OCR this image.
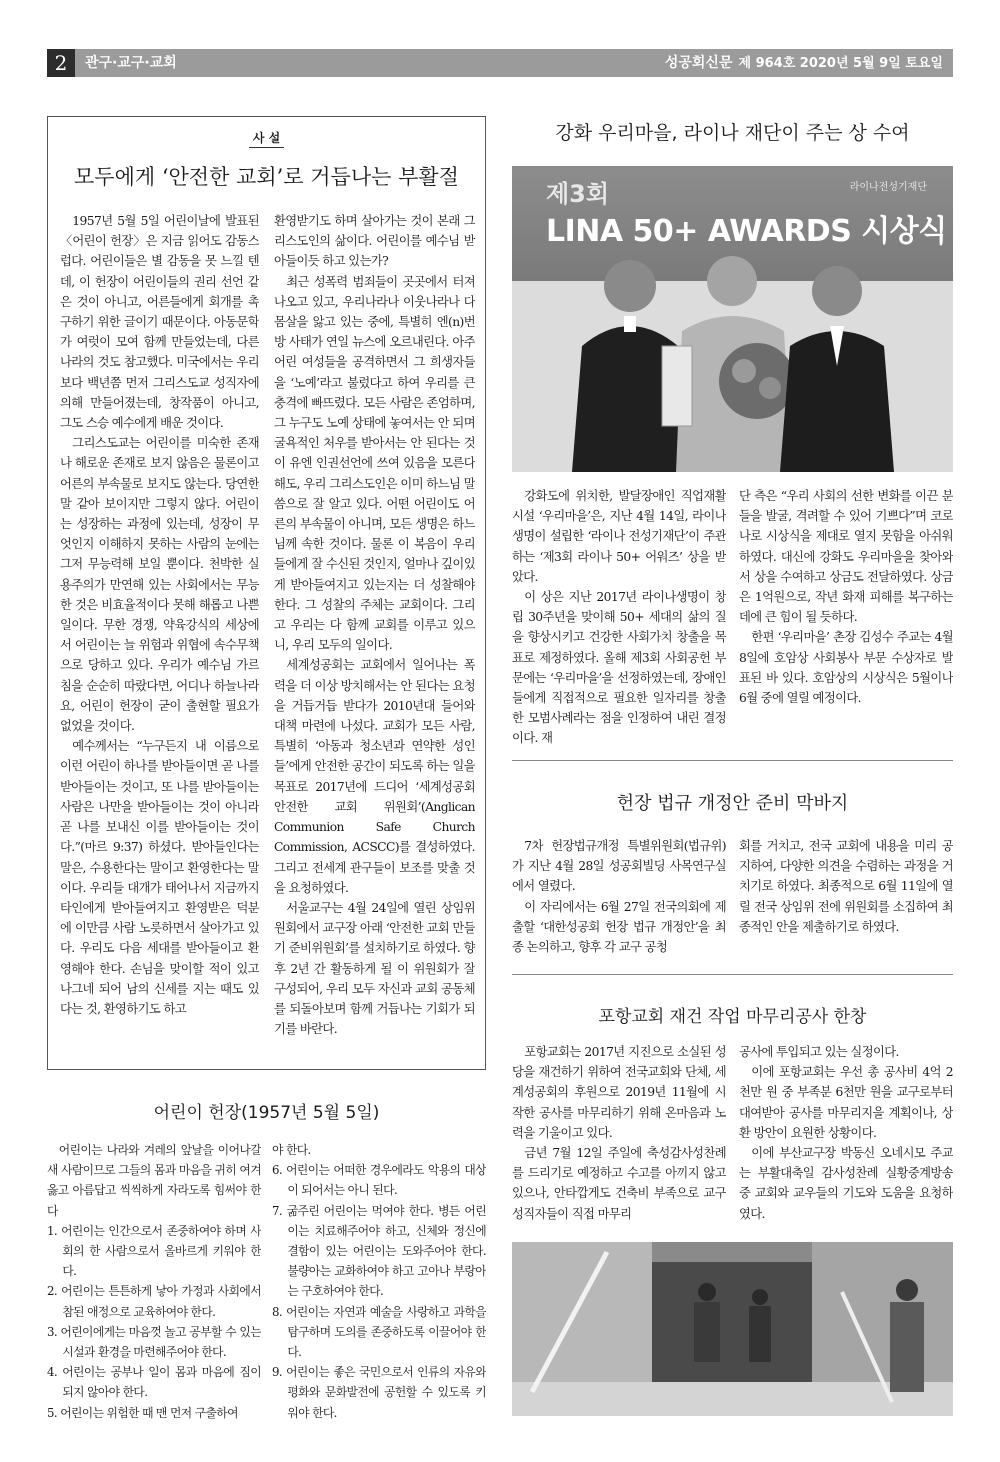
2	관구·교구·교회	성공회신문 제 964호 2020년 5월 9일 토요일
사 설
모두에게 ‘안전한 교회’로 거듭나는 부활절

1957년 5월 5일 어린이날에 발표된 〈어린이 헌장〉은 지금 읽어도 감동스럽다. 어린이들은 별 감동을 못 느낄 텐데, 이 헌장이 어린이들의 권리 선언 같은 것이 아니고, 어른들에게 회개를 촉구하기 위한 글이기 때문이다. 아동문학가 여럿이 모여 함께 만들었는데, 다른 나라의 것도 참고했다. 미국에서는 우리보다 백년쯤 먼저 그리스도교 성직자에 의해 만들어졌는데, 창작품이 아니고, 그도 스승 예수에게 배운 것이다.

그리스도교는 어린이를 미숙한 존재나 해로운 존재로 보지 않음은 물론이고 어른의 부속물로 보지도 않는다. 당연한 말 같아 보이지만 그렇지 않다. 어린이는 성장하는 과정에 있는데, 성장이 무엇인지 이해하지 못하는 사람의 눈에는 그저 무능력해 보일 뿐이다. 천박한 실용주의가 만연해 있는 사회에서는 무능한 것은 비효율적이다 못해 해롭고 나쁜 일이다. 무한 경쟁, 약육강식의 세상에서 어린이는 늘 위험과 위협에 속수무책으로 당하고 있다. 우리가 예수님 가르침을 순순히 따랐다면, 어디나 하늘나라요, 어린이 헌장이 굳이 출현할 필요가 없었을 것이다.

예수께서는 “누구든지 내 이름으로 이런 어린이 하나를 받아들이면 곧 나를 받아들이는 것이고, 또 나를 받아들이는 사람은 나만을 받아들이는 것이 아니라 곧 나를 보내신 이를 받아들이는 것이다.”(마르 9:37) 하셨다. 받아들인다는 말은, 수용한다는 말이고 환영한다는 말이다. 우리들 대개가 태어나서 지금까지 타인에게 받아들여지고 환영받은 덕분에 이만큼 사람 노릇하면서 살아가고 있다. 우리도 다음 세대를 받아들이고 환영해야 한다. 손님을 맞이할 적이 있고 나그네 되어 남의 신세를 지는 때도 있다는 것, 환영하기도 하고

환영받기도 하며 살아가는 것이 본래 그리스도인의 삶이다. 어린이를 예수님 받아들이듯 하고 있는가?

최근 성폭력 범죄들이 곳곳에서 터져 나오고 있고, 우리나라나 이웃나라나 다 몸살을 앓고 있는 중에, 특별히 엔(n)번방 사태가 연일 뉴스에 오르내린다. 아주 어린 여성들을 공격하면서 그 희생자들을 ‘노예’라고 불렀다고 하여 우리를 큰 충격에 빠뜨렸다. 모든 사람은 존엄하며, 그 누구도 노예 상태에 놓여서는 안 되며 굴욕적인 처우를 받아서는 안 된다는 것이 유엔 인권선언에 쓰여 있음을 모른다 해도, 우리 그리스도인은 이미 하느님 말씀으로 잘 알고 있다. 어떤 어린이도 어른의 부속물이 아니며, 모든 생명은 하느님께 속한 것이다. 물론 이 복음이 우리들에게 잘 수신된 것인지, 얼마나 깊이있게 받아들여지고 있는지는 더 성찰해야 한다. 그 성찰의 주체는 교회이다. 그리고 우리는 다 함께 교회를 이루고 있으니, 우리 모두의 일이다.

세계성공회는 교회에서 일어나는 폭력을 더 이상 방치해서는 안 된다는 요청을 거듭거듭 받다가 2010년대 들어와 대책 마련에 나섰다. 교회가 모든 사람, 특별히 ‘아동과 청소년과 연약한 성인들’에게 안전한 공간이 되도록 하는 일을 목표로 2017년에 드디어 ‘세계성공회 안전한 교회 위원회’(Anglican Communion Safe Church Commission, ACSCC)를 결성하였다. 그리고 전세계 관구들이 보조를 맞출 것을 요청하였다.

서울교구는 4월 24일에 열린 상임위원회에서 교구장 아래 ‘안전한 교회 만들기 준비위원회’를 설치하기로 하였다. 향후 2년 간 활동하게 될 이 위원회가 잘 구성되어, 우리 모두 자신과 교회 공동체를 되돌아보며 함께 거듭나는 기회가 되기를 바란다.

어린이 헌장(1957년 5월 5일)

어린이는 나라와 겨레의 앞날을 이어나갈 새 사람이므로 그들의 몸과 마음을 귀히 여겨 옳고 아름답고 씩씩하게 자라도록 힘써야 한다

1. 어린이는 인간으로서 존중하여야 하며 사회의 한 사람으로서 올바르게 키워야 한다.
2. 어린이는 튼튼하게 낳아 가정과 사회에서 참된 애정으로 교육하여야 한다.
3. 어린이에게는 마음껏 놀고 공부할 수 있는 시설과 환경을 마련해주어야 한다.
4. 어린이는 공부나 일이 몸과 마음에 짐이 되지 않아야 한다.
5. 어린이는 위험한 때 맨 먼저 구출하여
야 한다.
6. 어린이는 어떠한 경우에라도 악용의 대상이 되어서는 아니 된다.
7. 굶주린 어린이는 먹여야 한다. 병든 어린이는 치료해주어야 하고, 신체와 정신에 결함이 있는 어린이는 도와주어야 한다. 불량아는 교화하여야 하고 고아나 부랑아는 구호하여야 한다.
8. 어린이는 자연과 예술을 사랑하고 과학을 탐구하며 도의를 존중하도록 이끌어야 한다.
9. 어린이는 좋은 국민으로서 인류의 자유와 평화와 문화발전에 공헌할 수 있도록 키워야 한다.
강화 우리마을, 라이나 재단이 주는 상 수여
제3회
LINA 50+ AWARDS 시상식
라이나전성기재단

강화도에 위치한, 발달장애인 직업재활시설 ‘우리마을’은, 지난 4월 14일, 라이나생명이 설립한 ‘라이나 전성기재단’이 주관하는 ‘제3회 라이나 50+ 어워즈’ 상을 받았다.

이 상은 지난 2017년 라이나생명이 창립 30주년을 맞이해 50+ 세대의 삶의 질을 향상시키고 건강한 사회가치 창출을 목표로 제정하였다. 올해 제3회 사회공헌 부문에는 ‘우리마을’을 선정하였는데, 장애인들에게 직접적으로 필요한 일자리를 창출한 모범사례라는 점을 인정하여 내린 결정이다. 재

단 측은 “우리 사회의 선한 변화를 이끈 분들을 발굴, 격려할 수 있어 기쁘다”며 코로나로 시상식을 제대로 열지 못함을 아쉬워하였다. 대신에 강화도 우리마을을 찾아와서 상을 수여하고 상금도 전달하였다. 상금은 1억원으로, 작년 화재 피해를 복구하는 데에 큰 힘이 될 듯하다.

한편 ‘우리마을’ 촌장 김성수 주교는 4월 8일에 호암상 사회봉사 부문 수상자로 발표된 바 있다. 호암상의 시상식은 5월이나 6월 중에 열릴 예정이다.

헌장 법규 개정안 준비 막바지

7차 헌장법규개정 특별위원회(법규위)가 지난 4월 28일 성공회빌딩 사목연구실에서 열렸다.

이 자리에서는 6월 27일 전국의회에 제출할 ‘대한성공회 헌장 법규 개정안’을 최종 논의하고, 향후 각 교구 공청

회를 거치고, 전국 교회에 내용을 미리 공지하여, 다양한 의견을 수렴하는 과정을 거치기로 하였다. 최종적으로 6월 11일에 열릴 전국 상임위 전에 위원회를 소집하여 최종적인 안을 제출하기로 하였다.

포항교회 재건 작업 마무리공사 한창

포항교회는 2017년 지진으로 소실된 성당을 재건하기 위하여 전국교회와 단체, 세계성공회의 후원으로 2019년 11월에 시작한 공사를 마무리하기 위해 온마음과 노력을 기울이고 있다.

금년 7월 12일 주일에 축성감사성찬례를 드리기로 예정하고 수고를 아끼지 않고 있으나, 안타깝게도 건축비 부족으로 교구 성직자들이 직접 마무리

공사에 투입되고 있는 실정이다.

이에 포항교회는 우선 총 공사비 4억 2천만 원 중 부족분 6천만 원을 교구로부터 대여받아 공사를 마무리지을 계획이나, 상환 방안이 요원한 상황이다.

이에 부산교구장 박동신 오네시모 주교는 부활대축일 감사성찬례 실황중계방송 중 교회와 교우들의 기도와 도움을 요청하였다.
